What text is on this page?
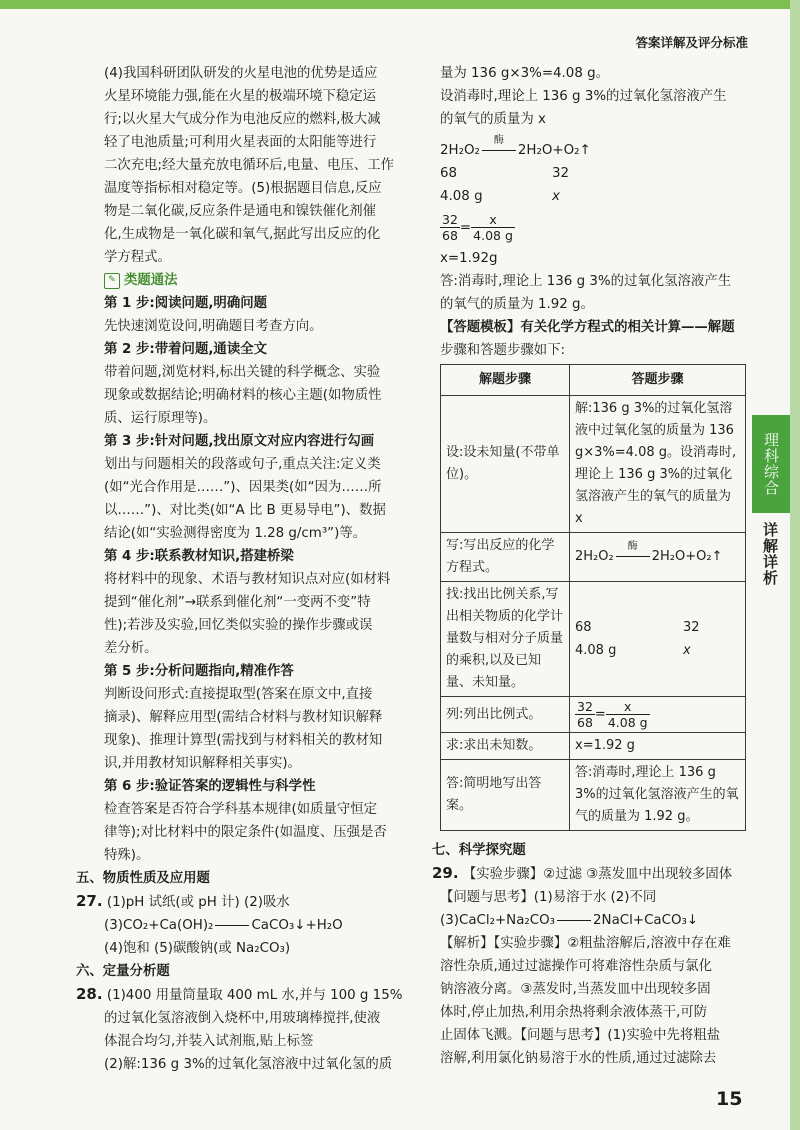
答案详解及评分标准

(4)我国科研团队研发的火星电池的优势是适应
火星环境能力强,能在火星的极端环境下稳定运
行;以火星大气成分作为电池反应的燃料,极大减
轻了电池质量;可利用火星表面的太阳能等进行
二次充电;经大量充放电循环后,电量、电压、工作
温度等指标相对稳定等。(5)根据题目信息,反应
物是二氧化碳,反应条件是通电和镍铁催化剂催
化,生成物是一氧化碳和氧气,据此写出反应的化
学方程式。

✎ 类题通法

第 1 步:阅读问题,明确问题

先快速浏览设问,明确题目考查方向。

第 2 步:带着问题,通读全文

带着问题,浏览材料,标出关键的科学概念、实验
现象或数据结论;明确材料的核心主题(如物质性
质、运行原理等)。

第 3 步:针对问题,找出原文对应内容进行勾画

划出与问题相关的段落或句子,重点关注:定义类
(如“光合作用是……”)、因果类(如“因为……所
以……”)、对比类(如“A 比 B 更易导电”)、数据
结论(如“实验测得密度为 1.28 g/cm³”)等。

第 4 步:联系教材知识,搭建桥梁

将材料中的现象、术语与教材知识点对应(如材料
提到“催化剂”→联系到催化剂“一变两不变”特
性);若涉及实验,回忆类似实验的操作步骤或误
差分析。

第 5 步:分析问题指向,精准作答

判断设问形式:直接提取型(答案在原文中,直接
摘录)、解释应用型(需结合材料与教材知识解释
现象)、推理计算型(需找到与材料相关的教材知
识,并用教材知识解释相关事实)。

第 6 步:验证答案的逻辑性与科学性

检查答案是否符合学科基本规律(如质量守恒定
律等);对比材料中的限定条件(如温度、压强是否
特殊)。

五、物质性质及应用题

27. (1)pH 试纸(或 pH 计) (2)吸水

(3)CO₂+Ca(OH)₂	CaCO₃↓+H₂O

(4)饱和 (5)碳酸钠(或 Na₂CO₃)

六、定量分析题

28. (1)400 用量筒量取 400 mL 水,并与 100 g 15%

的过氧化氢溶液倒入烧杯中,用玻璃棒搅拌,使液
体混合均匀,并装入试剂瓶,贴上标签

(2)解:136 g 3%的过氧化氢溶液中过氧化氢的质

量为 136 g×3%=4.08 g。

设消毒时,理论上 136 g 3%的过氧化氢溶液产生
的氧气的质量为 x

2H₂O₂
酶
2H₂O+O₂↑

68	32
4.08 g	x

$\frac{32}{68} = \frac{x}{4.08 g}$

x=1.92g

答:消毒时,理论上 136 g 3%的过氧化氢溶液产生
的氧气的质量为 1.92 g。

【答题模板】有关化学方程式的相关计算——解题
步骤和答题步骤如下:

解题步骤	答题步骤
设:设未知量(不带单位)。	解:136 g 3%的过氧化氢溶液中过氧化氢的质量为 136 g×3%=4.08 g。设消毒时,理论上 136 g 3%的过氧化氢溶液产生的氧气的质量为 x
写:写出反应的化学方程式。	2H₂O₂
酶
2H₂O+O₂↑
找:找出比例关系,写出相关物质的化学计量数与相对分子质量的乘积,以及已知量、未知量。	68 32
4.08 g x

列:列出比例式。	$\frac{32}{68} = \frac{x}{4.08 g}$

求:求出未知数。	x=1.92 g
答:简明地写出答案。	答:消毒时,理论上 136 g 3%的过氧化氢溶液产生的氧气的质量为 1.92 g。

七、科学探究题

29. 【实验步骤】②过滤 ③蒸发皿中出现较多固体

【问题与思考】(1)易溶于水 (2)不同

(3)CaCl₂+Na₂CO₃	2NaCl+CaCO₃↓

【解析】【实验步骤】②粗盐溶解后,溶液中存在难
溶性杂质,通过过滤操作可将难溶性杂质与氯化
钠溶液分离。③蒸发时,当蒸发皿中出现较多固
体时,停止加热,利用余热将剩余液体蒸干,可防
止固体飞溅。【问题与思考】(1)实验中先将粗盐
溶解,利用氯化钠易溶于水的性质,通过过滤除去

理科综合
详解详析
15
